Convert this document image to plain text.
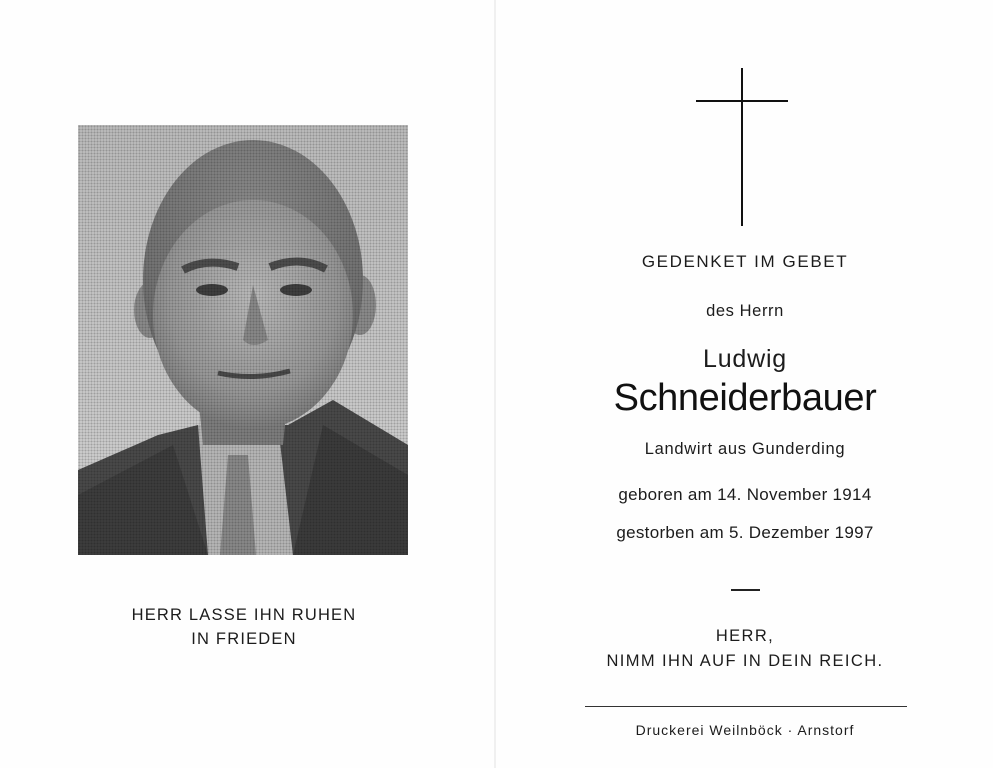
HERR LASSE IHN RUHEN
IN FRIEDEN
GEDENKET IM GEBET
des Herrn
Ludwig
Schneiderbauer
Landwirt aus Gunderding
geboren am 14. November 1914
gestorben am 5. Dezember 1997
HERR,
NIMM IHN AUF IN DEIN REICH.
Druckerei Weilnböck · Arnstorf
